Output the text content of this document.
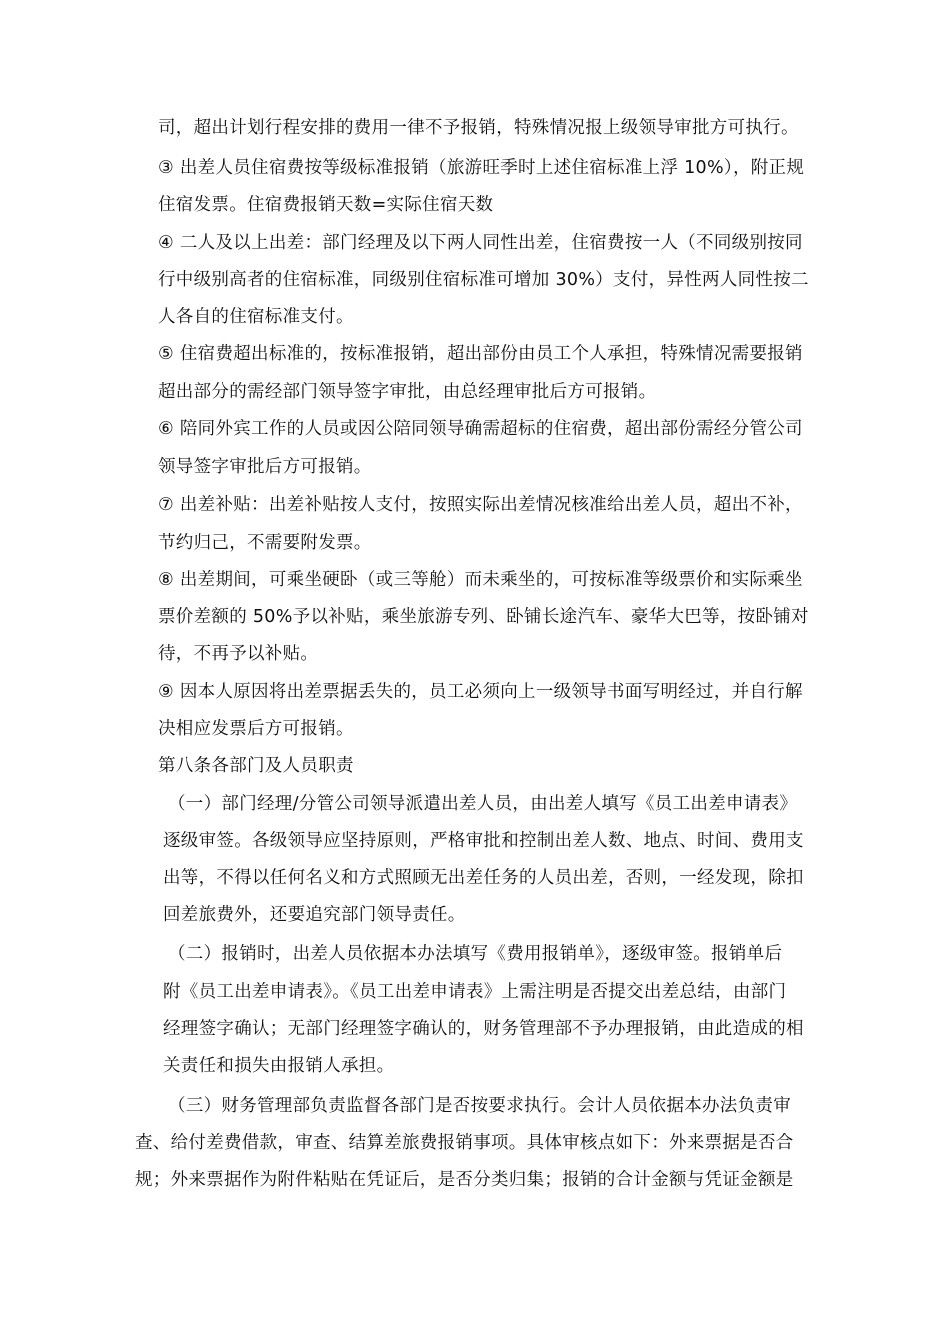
司，超出计划行程安排的费用一律不予报销，特殊情况报上级领导审批方可执行。
③ 出差人员住宿费按等级标准报销（旅游旺季时上述住宿标准上浮 10%），附正规
住宿发票。住宿费报销天数=实际住宿天数
④ 二人及以上出差：部门经理及以下两人同性出差，住宿费按一人（不同级别按同
行中级别高者的住宿标准，同级别住宿标准可增加 30%）支付，异性两人同性按二
人各自的住宿标准支付。
⑤ 住宿费超出标准的，按标准报销，超出部份由员工个人承担，特殊情况需要报销
超出部分的需经部门领导签字审批，由总经理审批后方可报销。
⑥ 陪同外宾工作的人员或因公陪同领导确需超标的住宿费，超出部份需经分管公司
领导签字审批后方可报销。
⑦ 出差补贴：出差补贴按人支付，按照实际出差情况核准给出差人员，超出不补，
节约归己，不需要附发票。
⑧ 出差期间，可乘坐硬卧（或三等舱）而未乘坐的，可按标准等级票价和实际乘坐
票价差额的 50%予以补贴，乘坐旅游专列、卧铺长途汽车、豪华大巴等，按卧铺对
待，不再予以补贴。
⑨ 因本人原因将出差票据丢失的，员工必须向上一级领导书面写明经过，并自行解
决相应发票后方可报销。
第八条各部门及人员职责
（一）部门经理/分管公司领导派遣出差人员，由出差人填写《员工出差申请表》
逐级审签。各级领导应坚持原则，严格审批和控制出差人数、地点、时间、费用支
出等，不得以任何名义和方式照顾无出差任务的人员出差，否则，一经发现，除扣
回差旅费外，还要追究部门领导责任。
（二）报销时，出差人员依据本办法填写《费用报销单》，逐级审签。报销单后
附《员工出差申请表》。《员工出差申请表》上需注明是否提交出差总结，由部门
经理签字确认；无部门经理签字确认的，财务管理部不予办理报销，由此造成的相
关责任和损失由报销人承担。
（三）财务管理部负责监督各部门是否按要求执行。会计人员依据本办法负责审
查、给付差费借款，审查、结算差旅费报销事项。具体审核点如下：外来票据是否合
规；外来票据作为附件粘贴在凭证后，是否分类归集；报销的合计金额与凭证金额是
